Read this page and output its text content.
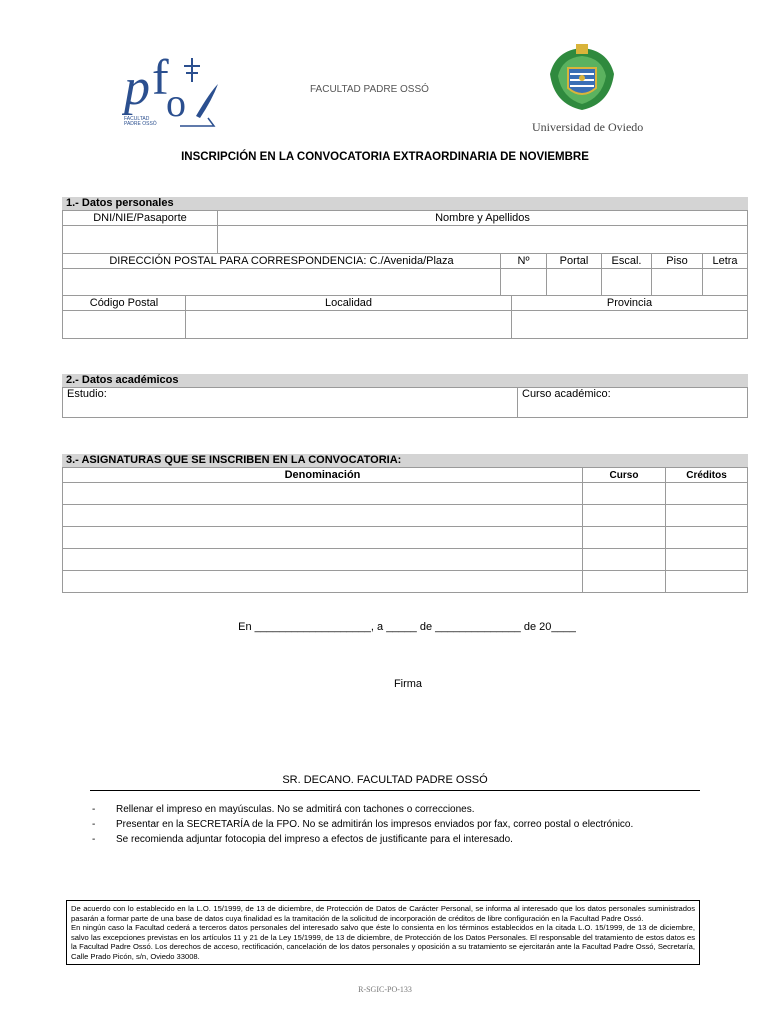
p f
o
FACULTAD
PADRE OSSÓ
FACULTAD PADRE OSSÓ
Universidad de Oviedo
INSCRIPCIÓN EN LA CONVOCATORIA EXTRAORDINARIA DE NOVIEMBRE
1.- Datos personales
DNI/NIE/Pasaporte	Nombre y Apellidos

DIRECCIÓN POSTAL PARA CORRESPONDENCIA: C./Avenida/Plaza	Nº	Portal	Escal.	Piso	Letra

Código Postal	Localidad	Provincia

2.- Datos académicos
Estudio:	Curso académico:
3.- ASIGNATURAS QUE SE INSCRIBEN EN LA CONVOCATORIA:
Denominación	Curso	Créditos

En ___________________, a _____ de ______________ de 20____
Firma
SR. DECANO. FACULTAD PADRE OSSÓ
-	Rellenar el impreso en mayúsculas. No se admitirá con tachones o correcciones.
-	Presentar en la SECRETARÍA de la FPO. No se admitirán los impresos enviados por fax, correo postal o electrónico.
-	Se recomienda adjuntar fotocopia del impreso a efectos de justificante para el interesado.
De acuerdo con lo establecido en la L.O. 15/1999, de 13 de diciembre, de Protección de Datos de Carácter Personal, se informa al interesado que los datos personales suministrados pasarán a formar parte de una base de datos cuya finalidad es la tramitación de la solicitud de incorporación de créditos de libre configuración en la Facultad Padre Ossó.
En ningún caso la Facultad cederá a terceros datos personales del interesado salvo que éste lo consienta en los términos establecidos en la citada L.O. 15/1999, de 13 de diciembre, salvo las excepciones previstas en los artículos 11 y 21 de la Ley 15/1999, de 13 de diciembre, de Protección de los Datos Personales. El responsable del tratamiento de estos datos es la Facultad Padre Ossó. Los derechos de acceso, rectificación, cancelación de los datos personales y oposición a su tratamiento se ejercitarán ante la Facultad Padre Ossó, Secretaría, Calle Prado Picón, s/n, Oviedo 33008.
R-SGIC-PO-133
